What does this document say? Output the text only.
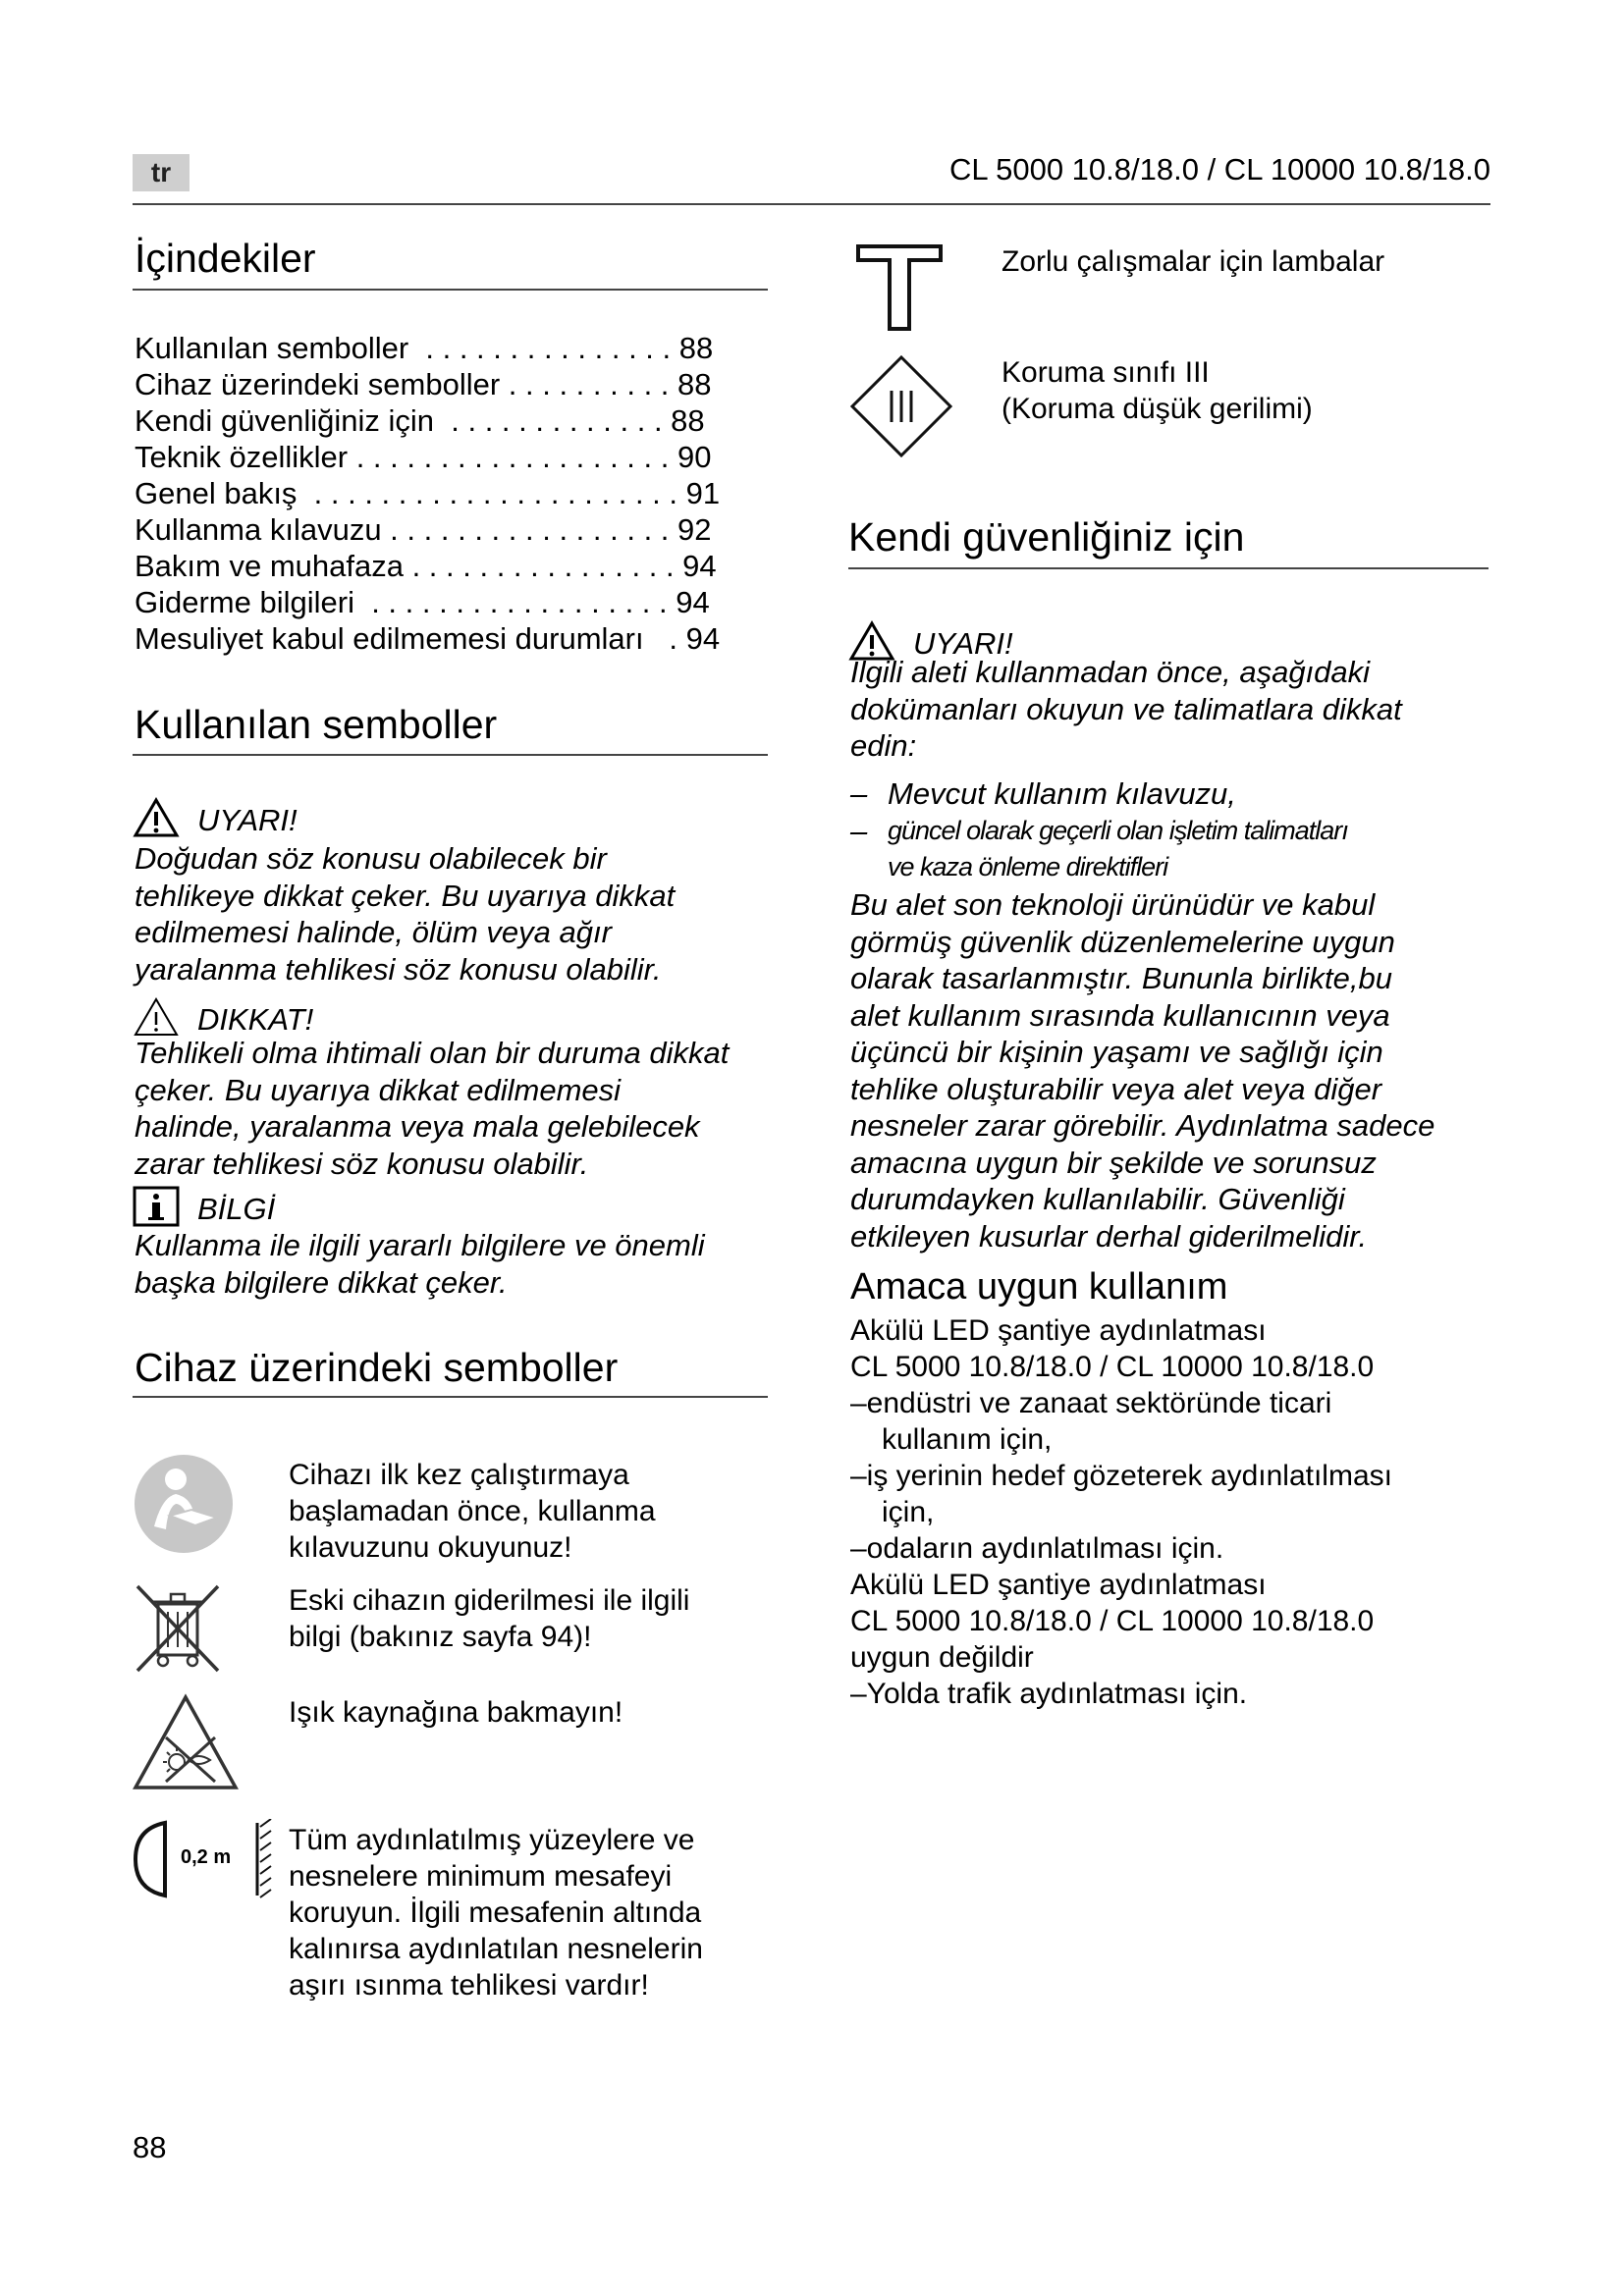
tr	CL 5000 10.8/18.0 / CL 10000 10.8/18.0
İçindekiler
Kullanılan semboller  . . . . . . . . . . . . . . . 88
Cihaz üzerindeki semboller . . . . . . . . . . 88
Kendi güvenliğiniz için  . . . . . . . . . . . . . 88
Teknik özellikler . . . . . . . . . . . . . . . . . . . 90
Genel bakış  . . . . . . . . . . . . . . . . . . . . . . 91
Kullanma kılavuzu . . . . . . . . . . . . . . . . . 92
Bakım ve muhafaza . . . . . . . . . . . . . . . . 94
Giderme bilgileri  . . . . . . . . . . . . . . . . . . 94
Mesuliyet kabul edilmemesi durumları   . 94
Kullanılan semboller
UYARI!
Doğudan söz konusu olabilecek bir
tehlikeye dikkat çeker. Bu uyarıya dikkat
edilmemesi halinde, ölüm veya ağır
yaralanma tehlikesi söz konusu olabilir.
DIKKAT!
Tehlikeli olma ihtimali olan bir duruma dikkat
çeker. Bu uyarıya dikkat edilmemesi
halinde, yaralanma veya mala gelebilecek
zarar tehlikesi söz konusu olabilir.
BİLGİ
Kullanma ile ilgili yararlı bilgilere ve önemli
başka bilgilere dikkat çeker.
Cihaz üzerindeki semboller
Cihazı ilk kez çalıştırmaya
başlamadan önce, kullanma
kılavuzunu okuyunuz!
Eski cihazın giderilmesi ile ilgili
bilgi (bakınız sayfa 94)!
Işık kaynağına bakmayın!
0,2 m
Tüm aydınlatılmış yüzeylere ve
nesnelere minimum mesafeyi
koruyun. İlgili mesafenin altında
kalınırsa aydınlatılan nesnelerin
aşırı ısınma tehlikesi vardır!
Zorlu çalışmalar için lambalar
Koruma sınıfı III
(Koruma düşük gerilimi)
Kendi güvenliğiniz için
UYARI!
İlgili aleti kullanmadan önce, aşağıdaki
dokümanları okuyun ve talimatlara dikkat
edin:
– Mevcut kullanım kılavuzu,
– güncel olarak geçerli olan işletim talimatları
ve kaza önleme direktifleri
Bu alet son teknoloji ürünüdür ve kabul
görmüş güvenlik düzenlemelerine uygun
olarak tasarlanmıştır. Bununla birlikte,bu
alet kullanım sırasında kullanıcının veya
üçüncü bir kişinin yaşamı ve sağlığı için
tehlike oluşturabilir veya alet veya diğer
nesneler zarar görebilir. Aydınlatma sadece
amacına uygun bir şekilde ve sorunsuz
durumdayken kullanılabilir. Güvenliği
etkileyen kusurlar derhal giderilmelidir.
Amaca uygun kullanım
Akülü LED şantiye aydınlatması
CL 5000 10.8/18.0 / CL 10000 10.8/18.0
–endüstri ve zanaat sektöründe ticari
kullanım için,
–iş yerinin hedef gözeterek aydınlatılması
için,
–odaların aydınlatılması için.
Akülü LED şantiye aydınlatması
CL 5000 10.8/18.0 / CL 10000 10.8/18.0
uygun değildir
–Yolda trafik aydınlatması için.
88
